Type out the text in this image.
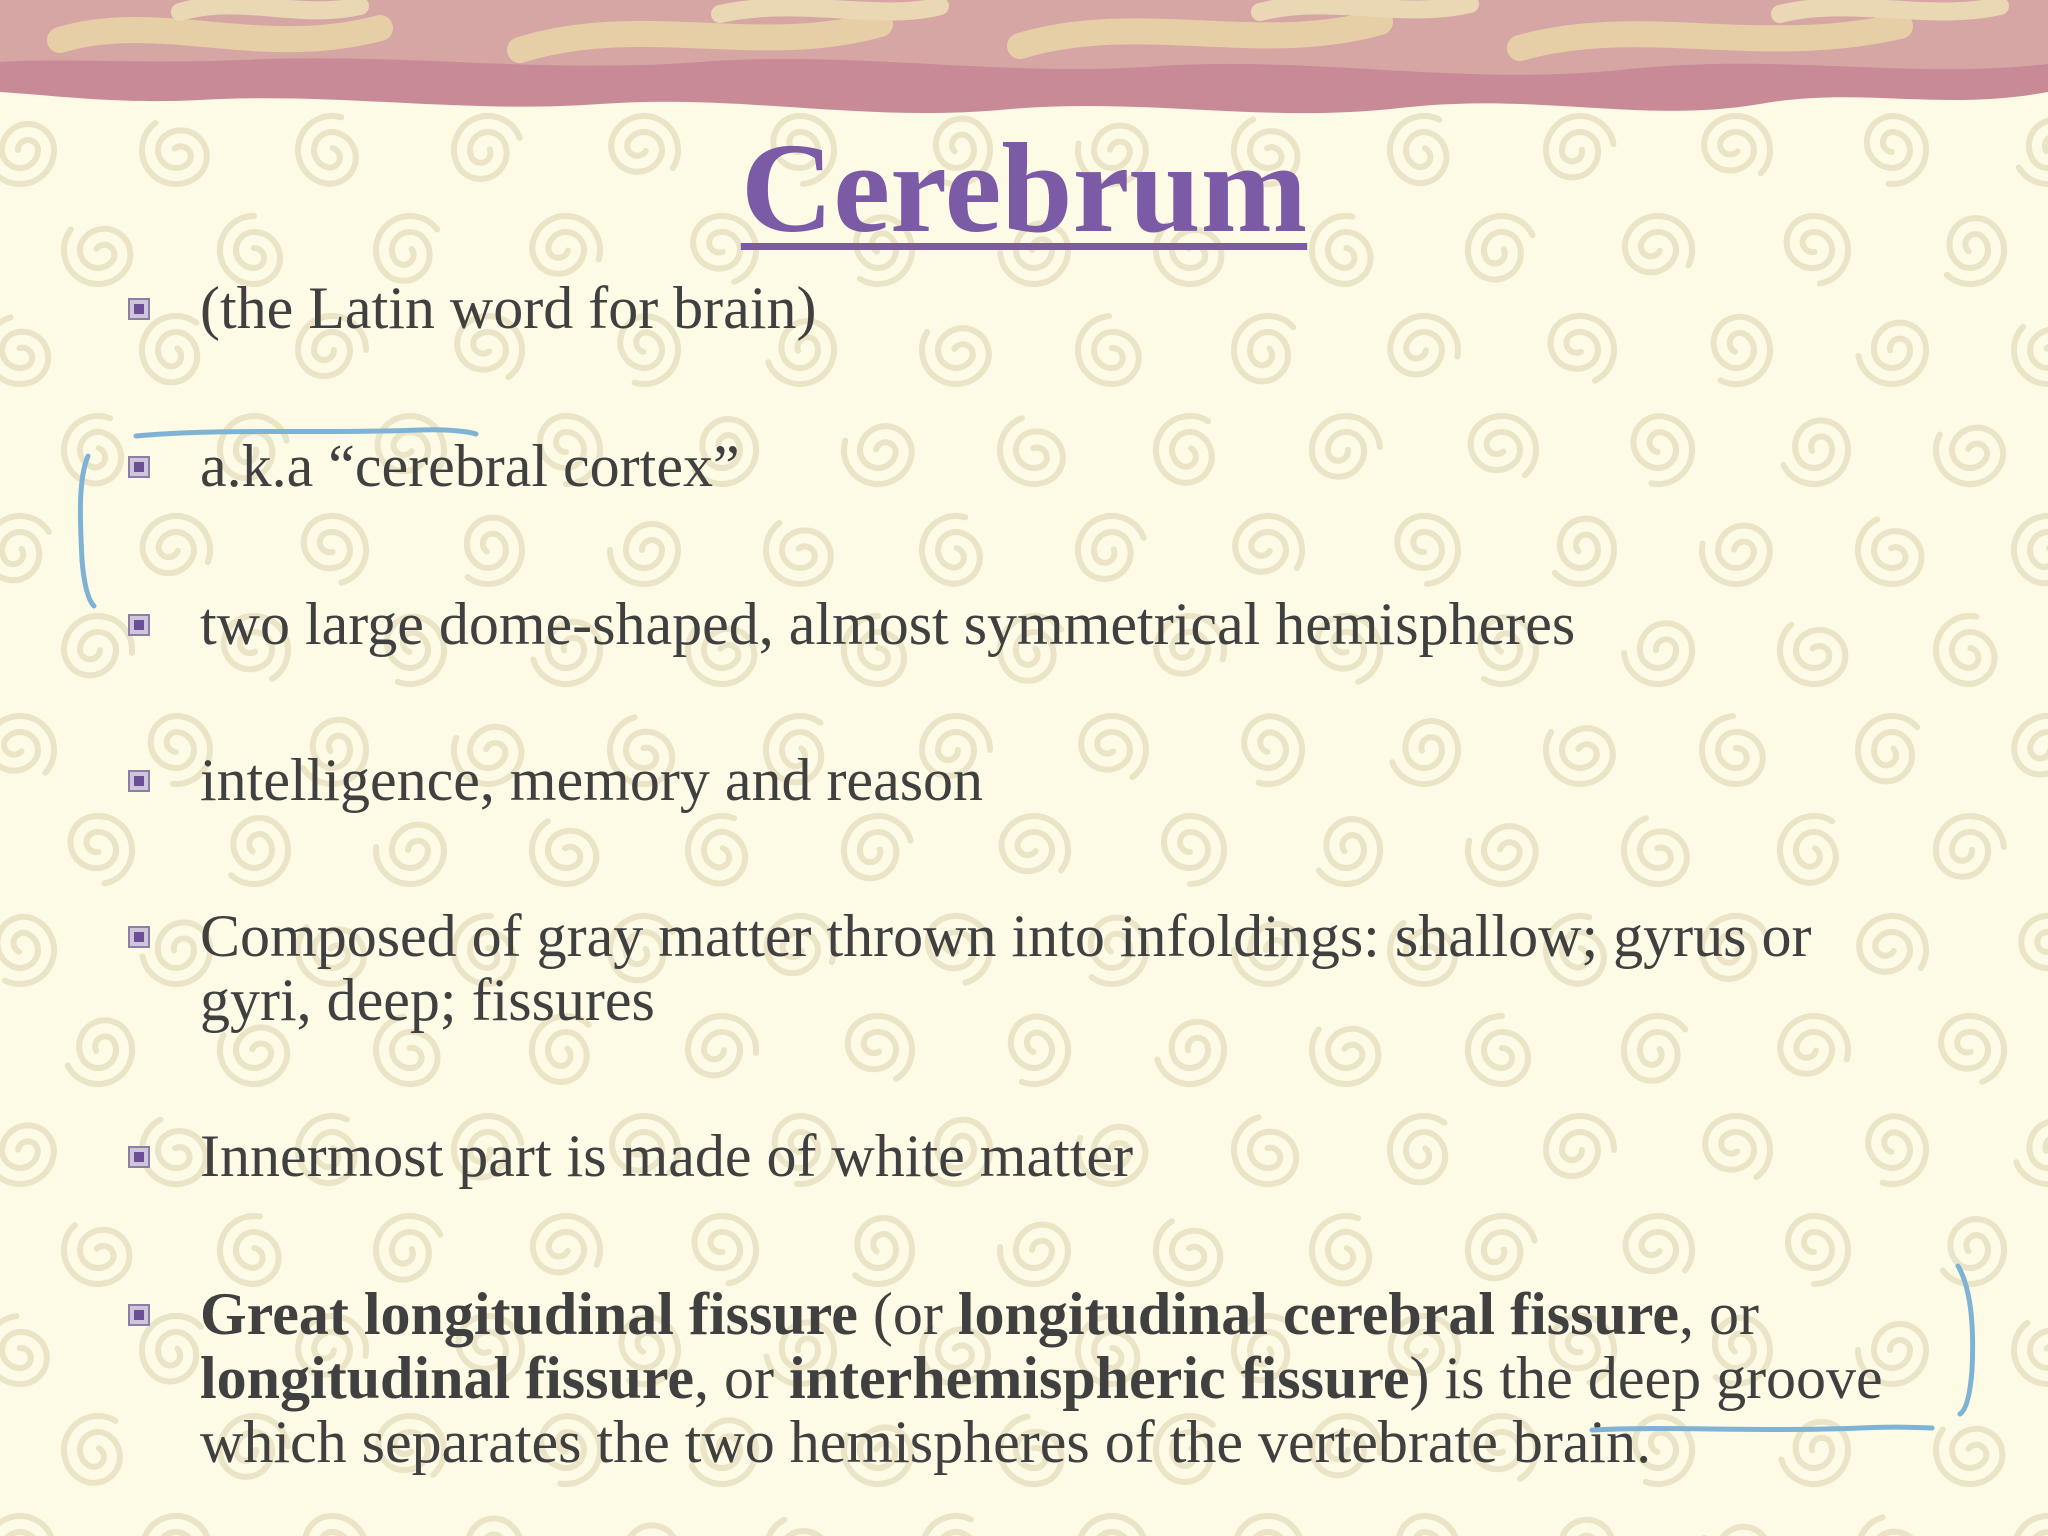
Cerebrum
(the Latin word for brain)
a.k.a “cerebral cortex”
two large dome-shaped, almost symmetrical hemispheres
intelligence, memory and reason
Composed of gray matter thrown into infoldings: shallow; gyrus or gyri, deep; fissures
Innermost part is made of white matter
Great longitudinal fissure (or longitudinal cerebral fissure, or longitudinal fissure, or interhemispheric fissure) is the deep groove which separates the two hemispheres of the vertebrate brain.
